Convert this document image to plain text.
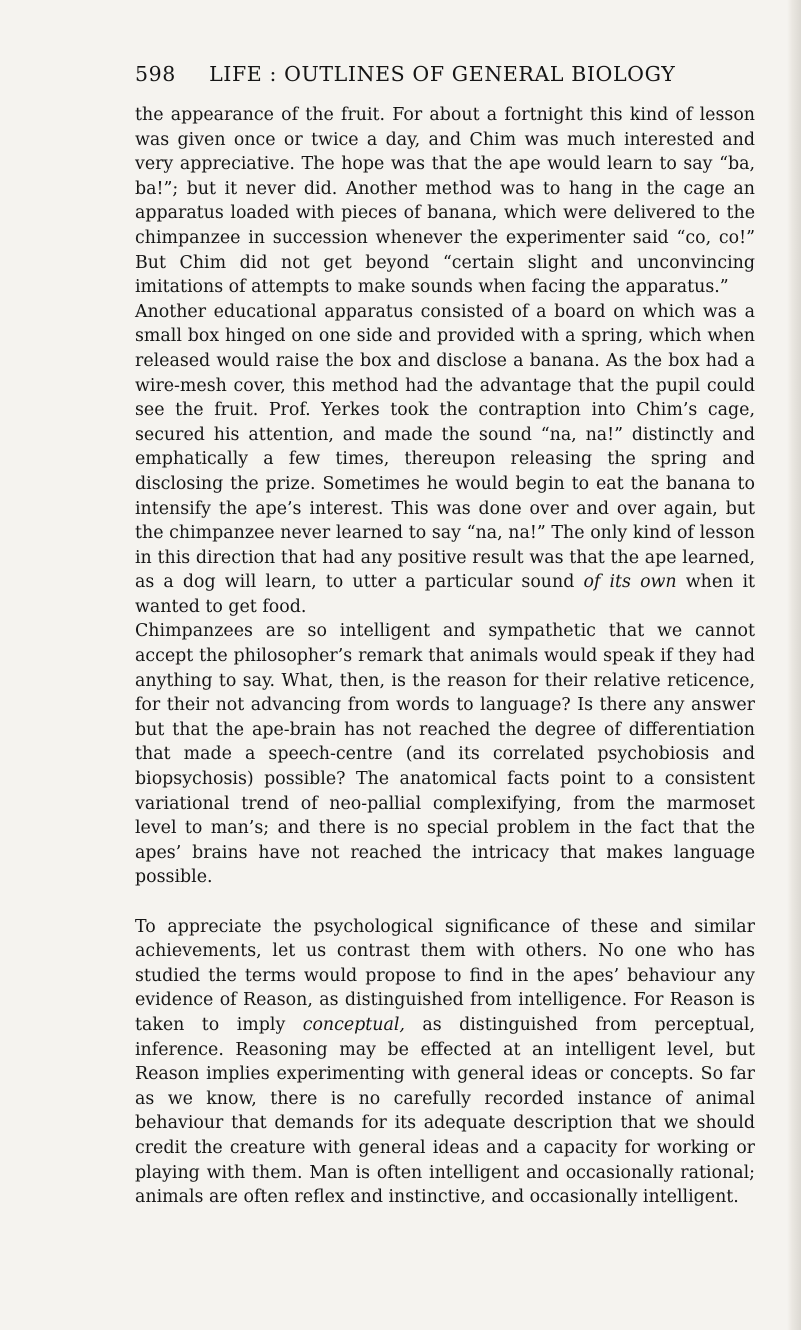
598 LIFE : OUTLINES OF GENERAL BIOLOGY

the appearance of the fruit. For about a fortnight this kind of lesson was given once or twice a day, and Chim was much interested and very appreciative. The hope was that the ape would learn to say “ba, ba!”; but it never did. Another method was to hang in the cage an apparatus loaded with pieces of banana, which were delivered to the chimpanzee in succession whenever the experimenter said “co, co!” But Chim did not get beyond “certain slight and unconvincing imitations of attempts to make sounds when facing the apparatus.”

Another educational apparatus consisted of a board on which was a small box hinged on one side and provided with a spring, which when released would raise the box and disclose a banana. As the box had a wire-mesh cover, this method had the advantage that the pupil could see the fruit. Prof. Yerkes took the contraption into Chim’s cage, secured his attention, and made the sound “na, na!” distinctly and emphatically a few times, thereupon releasing the spring and disclosing the prize. Sometimes he would begin to eat the banana to intensify the ape’s interest. This was done over and over again, but the chimpanzee never learned to say “na, na!” The only kind of lesson in this direction that had any positive result was that the ape learned, as a dog will learn, to utter a particular sound of its own when it wanted to get food.

Chimpanzees are so intelligent and sympathetic that we cannot accept the philosopher’s remark that animals would speak if they had anything to say. What, then, is the reason for their relative reticence, for their not advancing from words to language? Is there any answer but that the ape-brain has not reached the degree of differentiation that made a speech-centre (and its correlated psychobiosis and biopsychosis) possible? The anatomical facts point to a consistent variational trend of neo-pallial complexifying, from the marmoset level to man’s; and there is no special problem in the fact that the apes’ brains have not reached the intricacy that makes language possible.

To appreciate the psychological significance of these and similar achievements, let us contrast them with others. No one who has studied the terms would propose to find in the apes’ behaviour any evidence of Reason, as distinguished from intelligence. For Reason is taken to imply conceptual, as distinguished from perceptual, inference. Reasoning may be effected at an intelligent level, but Reason implies experimenting with general ideas or concepts. So far as we know, there is no carefully recorded instance of animal behaviour that demands for its adequate description that we should credit the creature with general ideas and a capacity for working or playing with them. Man is often intelligent and occasionally rational; animals are often reflex and instinctive, and occasionally intelligent.
